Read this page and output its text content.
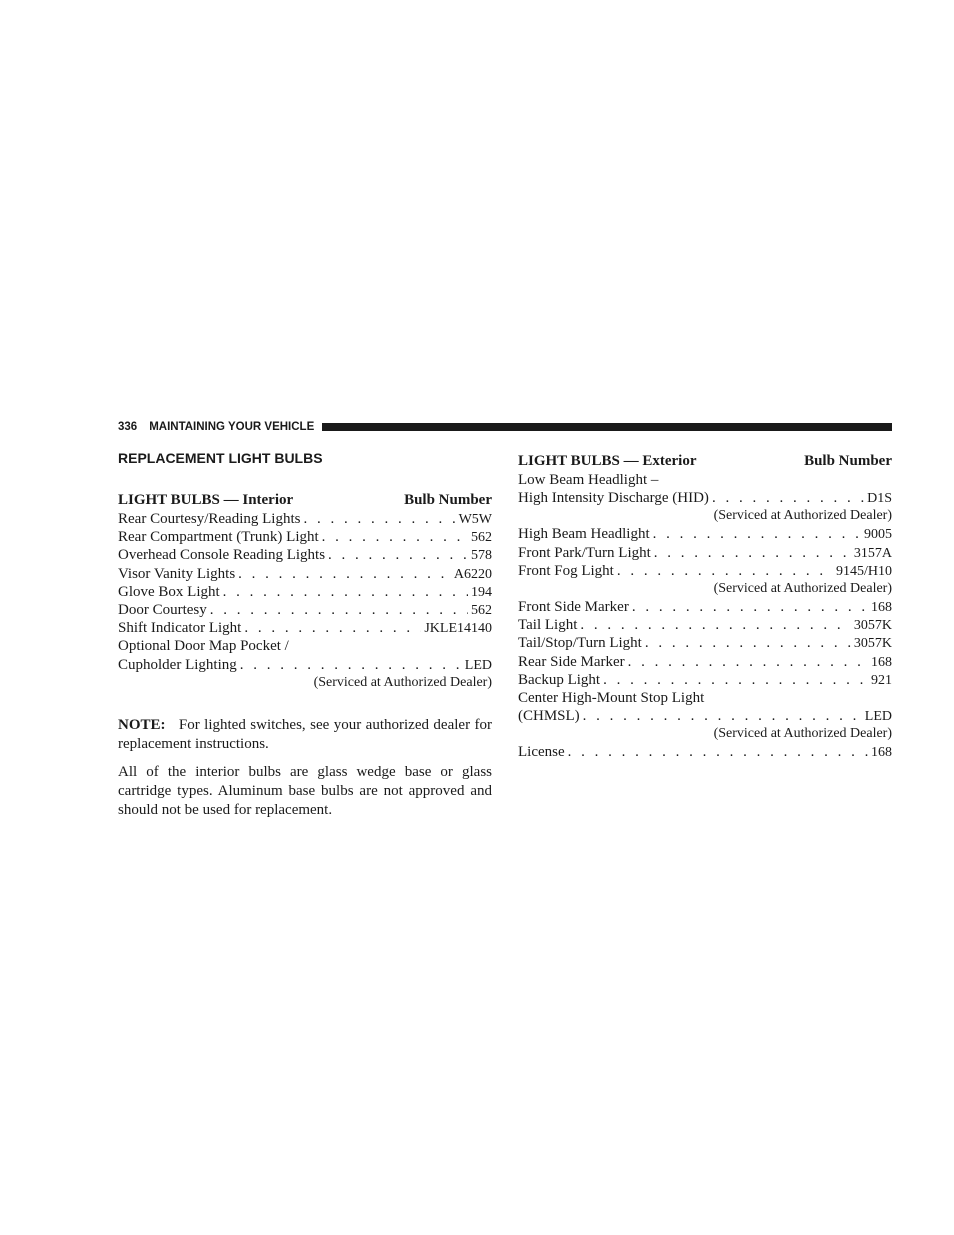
336 MAINTAINING YOUR VEHICLE
REPLACEMENT LIGHT BULBS
LIGHT BULBS — Interior	Bulb Number
Rear Courtesy/Reading Lights . . .	W5W
Rear Compartment (Trunk) Light . . .	562
Overhead Console Reading Lights . . .	578
Visor Vanity Lights . . .	A6220
Glove Box Light . . .	194
Door Courtesy . . .	562
Shift Indicator Light . . .	JKLE14140
Optional Door Map Pocket /
Cupholder Lighting . . .	LED
(Serviced at Authorized Dealer)

NOTE: For lighted switches, see your authorized dealer for replacement instructions.

All of the interior bulbs are glass wedge base or glass cartridge types. Aluminum base bulbs are not approved and should not be used for replacement.

LIGHT BULBS — Exterior	Bulb Number
Low Beam Headlight –
High Intensity Discharge (HID) . . .	D1S
(Serviced at Authorized Dealer)
High Beam Headlight . . .	9005
Front Park/Turn Light . . .	3157A
Front Fog Light . . .	9145/H10
(Serviced at Authorized Dealer)
Front Side Marker . . .	168
Tail Light . . .	3057K
Tail/Stop/Turn Light . . .	3057K
Rear Side Marker . . .	168
Backup Light . . .	921
Center High-Mount Stop Light
(CHMSL) . . .	LED
(Serviced at Authorized Dealer)
License . . .	168
